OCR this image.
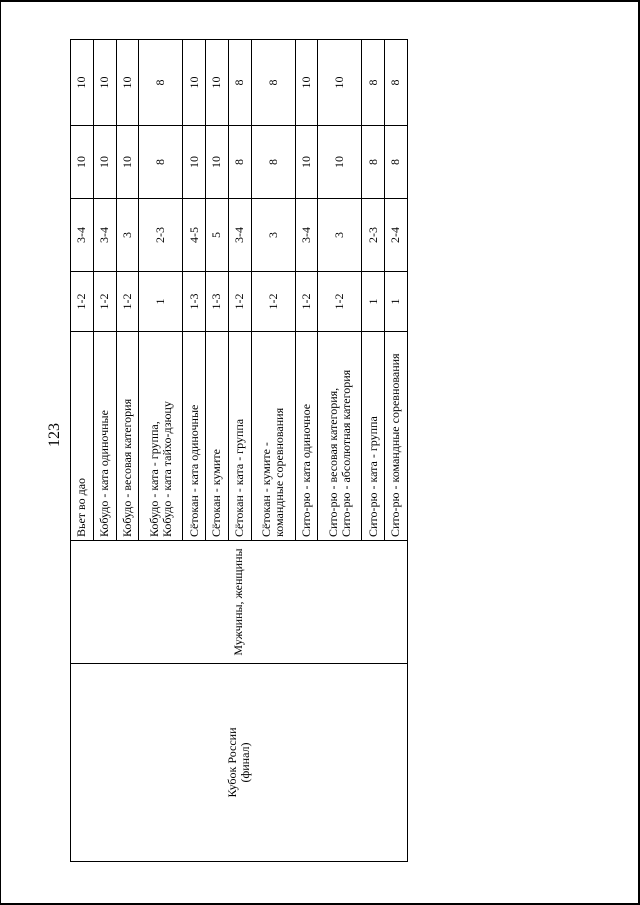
123
Кубок России (финал)	Мужчины, женщины	Вьет во дао	1-2	3-4	10	10

		Кобудо - ката одиночные	1-2	3-4	10	10

		Кобудо - весовая категория	1-2	3	10	10

		Кобудо - ката - группа, Кобудо - ката тайхо-дзюцу	1	2-3	8	8

		Сётокан - ката одиночные	1-3	4-5	10	10

		Сётокан - кумите	1-3	5	10	10

		Сётокан - ката - группа	1-2	3-4	8	8

		Сётокан - кумите - командные соревнования	1-2	3	8	8

		Сито-рю - ката одиночное	1-2	3-4	10	10

		Сито-рю - весовая категория, Сито-рю - абсолютная категория	1-2	3	10	10

		Сито-рю - ката - группа	1	2-3	8	8

		Сито-рю - командные соревнования	1	2-4	8	8
